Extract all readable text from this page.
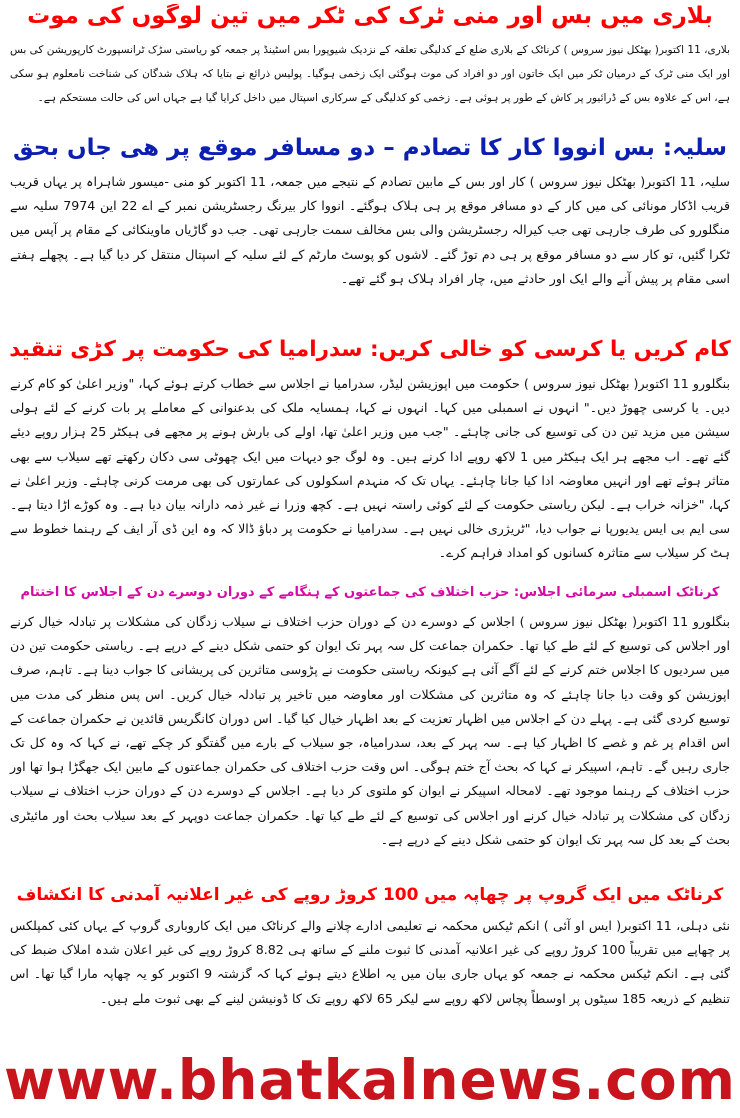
بلاری میں بس اور منی ٹرک کی ٹکر میں تین لوگوں کی موت

بلاری، 11 اکتوبر( بھٹکل نیوز سروس ) کرناٹک کے بلاری ضلع کے کدلیگی تعلقہ کے نزدیک شیوپورا بس اسٹینڈ پر جمعہ کو ریاستی سڑک ٹرانسپورٹ کارپوریشن کی بس اور ایک منی ٹرک کے درمیان ٹکر میں ایک خاتون اور دو افراد کی موت ہوگئی ایک زخمی ہوگیا۔ پولیس ذرائع نے بتایا کہ ہلاک شدگان کی شناخت نامعلوم ہو سکی ہے، اس کے علاوہ بس کے ڈرائیور پر کاش کے طور پر ہوئی ہے۔ زخمی کو کدلیگی کے سرکاری اسپتال میں داخل کرایا گیا ہے جہاں اس کی حالت مستحکم ہے۔

سلیہ: بس انووا کار کا تصادم – دو مسافر موقع پر ھی جاں بحق

سلیہ، 11 اکتوبر( بھٹکل نیوز سروس ) کار اور بس کے مابین تصادم کے نتیجے میں جمعہ، 11 اکتوبر کو منی -میسور شاہراہ پر یہاں قریب قریب اڈکار مونائی کی میں کار کے دو مسافر موقع پر ہی ہلاک ہوگئے۔ انووا کار بیرنگ رجسٹریشن نمبر کے اے 22 این 7974 سلیہ سے منگلورو کی طرف جارہی تھی جب کیرالہ رجسٹریشن والی بس مخالف سمت جارہی تھی۔ جب دو گاڑیاں ماوینکائی کے مقام پر آپس میں ٹکرا گئیں، تو کار سے دو مسافر موقع پر ہی دم توڑ گئے۔ لاشوں کو پوسٹ مارٹم کے لئے سلیہ کے اسپتال منتقل کر دیا گیا ہے۔ پچھلے ہفتے اسی مقام پر پیش آنے والے ایک اور حادثے میں، چار افراد ہلاک ہو گئے تھے۔

کام کریں یا کرسی کو خالی کریں: سدرامیا کی حکومت پر کڑی تنقید

بنگلورو 11 اکتوبر( بھٹکل نیوز سروس ) حکومت میں اپوزیشن لیڈر، سدرامیا نے اجلاس سے خطاب کرتے ہوئے کہا، "وزیر اعلیٰ کو کام کرنے دیں۔ یا کرسی چھوڑ دیں۔" انہوں نے اسمبلی میں کہا۔ انہوں نے کہا، ہمسایہ ملک کی بدعنوانی کے معاملے پر بات کرنے کے لئے ہولی سیشن میں مزید تین دن کی توسیع کی جانی چاہئے۔ "جب میں وزیر اعلیٰ تھا، اولے کی بارش ہونے پر مجھے فی ہیکٹر 25 ہزار روپے دیئے گئے تھے۔ اب مجھے ہر ایک ہیکٹر میں 1 لاکھ روپے ادا کرنے ہیں۔ وہ لوگ جو دیہات میں ایک چھوٹی سی دکان رکھتے تھے سیلاب سے بھی متاثر ہوئے تھے اور انہیں معاوضہ ادا کیا جانا چاہئے۔ یہاں تک کہ منہدم اسکولوں کی عمارتوں کی بھی مرمت کرنی چاہئے۔ وزیر اعلیٰ نے کہا، "خزانہ خراب ہے۔ لیکن ریاستی حکومت کے لئے کوئی راستہ نہیں ہے۔ کچھ وزرا نے غیر ذمہ دارانہ بیان دیا ہے۔ وہ کوڑے اڑا دیتا ہے۔ سی ایم بی ایس یدیورپا نے جواب دیا، "ٹریژری خالی نہیں ہے۔ سدرامیا نے حکومت پر دباؤ ڈالا کہ وہ این ڈی آر ایف کے رہنما خطوط سے ہٹ کر سیلاب سے متاثرہ کسانوں کو امداد فراہم کرے۔

کرناٹک اسمبلی سرمائی اجلاس: حزب اختلاف کی جماعتوں کے ہنگامے کے دوران دوسرے دن کے اجلاس کا اختتام

بنگلورو 11 اکتوبر( بھٹکل نیوز سروس ) اجلاس کے دوسرے دن کے دوران حزب اختلاف نے سیلاب زدگان کی مشکلات پر تبادلہ خیال کرنے اور اجلاس کی توسیع کے لئے طے کیا تھا۔ حکمران جماعت کل سہ پہر تک ایوان کو حتمی شکل دینے کے درپے ہے۔ ریاستی حکومت تین دن میں سردیوں کا اجلاس ختم کرنے کے لئے آگے آئی ہے کیونکہ ریاستی حکومت نے پڑوسی متاثرین کی پریشانی کا جواب دینا ہے۔ تاہم، صرف اپوزیشن کو وقت دیا جانا چاہئے کہ وہ متاثرین کی مشکلات اور معاوضہ میں تاخیر پر تبادلہ خیال کریں۔ اس پس منظر کی مدت میں توسیع کردی گئی ہے۔ پہلے دن کے اجلاس میں اظہار تعزیت کے بعد اظہار خیال کیا گیا۔ اس دوران کانگریس قائدین نے حکمران جماعت کے اس اقدام پر غم و غصے کا اظہار کیا ہے۔ سہ پہر کے بعد، سدرامیاہ، جو سیلاب کے بارے میں گفتگو کر چکے تھے، نے کہا کہ وہ کل تک جاری رہیں گے۔ تاہم، اسپیکر نے کہا کہ بحث آج ختم ہوگی۔ اس وقت حزب اختلاف کی حکمران جماعتوں کے مابین ایک جھگڑا ہوا تھا اور حزب اختلاف کے رہنما موجود تھے۔ لامحالہ اسپیکر نے ایوان کو ملتوی کر دیا ہے۔ اجلاس کے دوسرے دن کے دوران حزب اختلاف نے سیلاب زدگان کی مشکلات پر تبادلہ خیال کرنے اور اجلاس کی توسیع کے لئے طے کیا تھا۔ حکمران جماعت دوپہر کے بعد سیلاب بحث اور مائیٹری بحث کے بعد کل سہ پہر تک ایوان کو حتمی شکل دینے کے درپے ہے۔

کرناٹک میں ایک گروپ پر چھاپہ میں 100 کروڑ روپے کی غیر اعلانیہ آمدنی کا انکشاف

نئی دہلی، 11 اکتوبر( ایس او آئی ) انکم ٹیکس محکمہ نے تعلیمی ادارے چلانے والے کرناٹک میں ایک کاروباری گروپ کے یہاں کئی کمپلکس پر چھاپے میں تقریباً 100 کروڑ روپے کی غیر اعلانیہ آمدنی کا ثبوت ملنے کے ساتھ ہی 8.82 کروڑ روپے کی غیر اعلان شدہ املاک ضبط کی گئی ہے۔ انکم ٹیکس محکمہ نے جمعہ کو یہاں جاری بیان میں یہ اطلاع دیتے ہوئے کہا کہ گزشتہ 9 اکتوبر کو یہ چھاپہ مارا گیا تھا۔ اس تنظیم کے ذریعہ 185 سیٹوں پر اوسطاً پچاس لاکھ روپے سے لیکر 65 لاکھ روپے تک کا ڈونیشن لینے کے بھی ثبوت ملے ہیں۔

www.bhatkalnews.com
